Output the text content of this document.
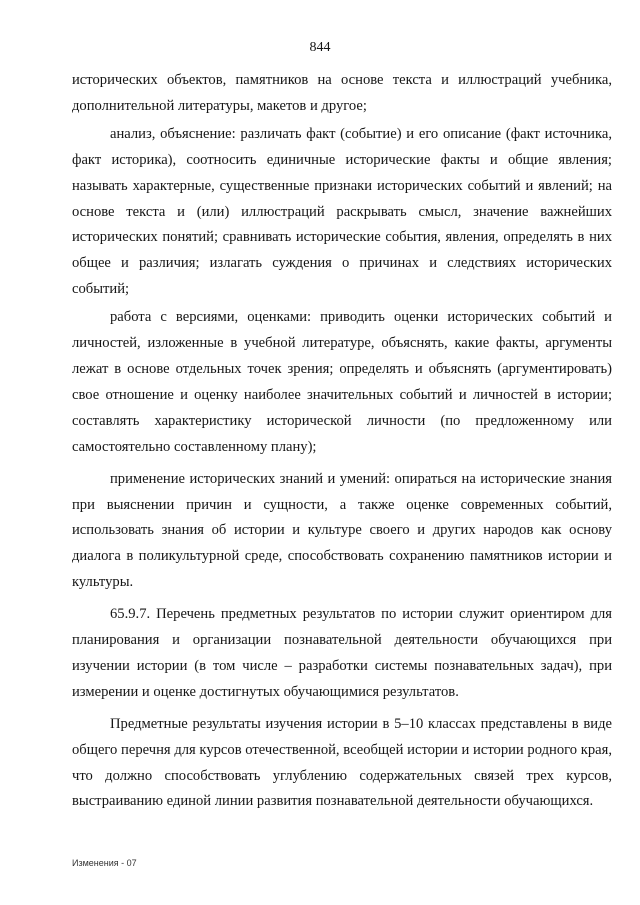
844

исторических объектов, памятников на основе текста и иллюстраций учебника, дополнительной литературы, макетов и другое;

анализ, объяснение: различать факт (событие) и его описание (факт источника, факт историка), соотносить единичные исторические факты и общие явления; называть характерные, существенные признаки исторических событий и явлений; на основе текста и (или) иллюстраций раскрывать смысл, значение важнейших исторических понятий; сравнивать исторические события, явления, определять в них общее и различия; излагать суждения о причинах и следствиях исторических событий;

работа с версиями, оценками: приводить оценки исторических событий и личностей, изложенные в учебной литературе, объяснять, какие факты, аргументы лежат в основе отдельных точек зрения; определять и объяснять (аргументировать) свое отношение и оценку наиболее значительных событий и личностей в истории; составлять характеристику исторической личности (по предложенному или самостоятельно составленному плану);

применение исторических знаний и умений: опираться на исторические знания при выяснении причин и сущности, а также оценке современных событий, использовать знания об истории и культуре своего и других народов как основу диалога в поликультурной среде, способствовать сохранению памятников истории и культуры.

65.9.7. Перечень предметных результатов по истории служит ориентиром для планирования и организации познавательной деятельности обучающихся при изучении истории (в том числе – разработки системы познавательных задач), при измерении и оценке достигнутых обучающимися результатов.

Предметные результаты изучения истории в 5–10 классах представлены в виде общего перечня для курсов отечественной, всеобщей истории и истории родного края, что должно способствовать углублению содержательных связей трех курсов, выстраиванию единой линии развития познавательной деятельности обучающихся.

Изменения - 07
